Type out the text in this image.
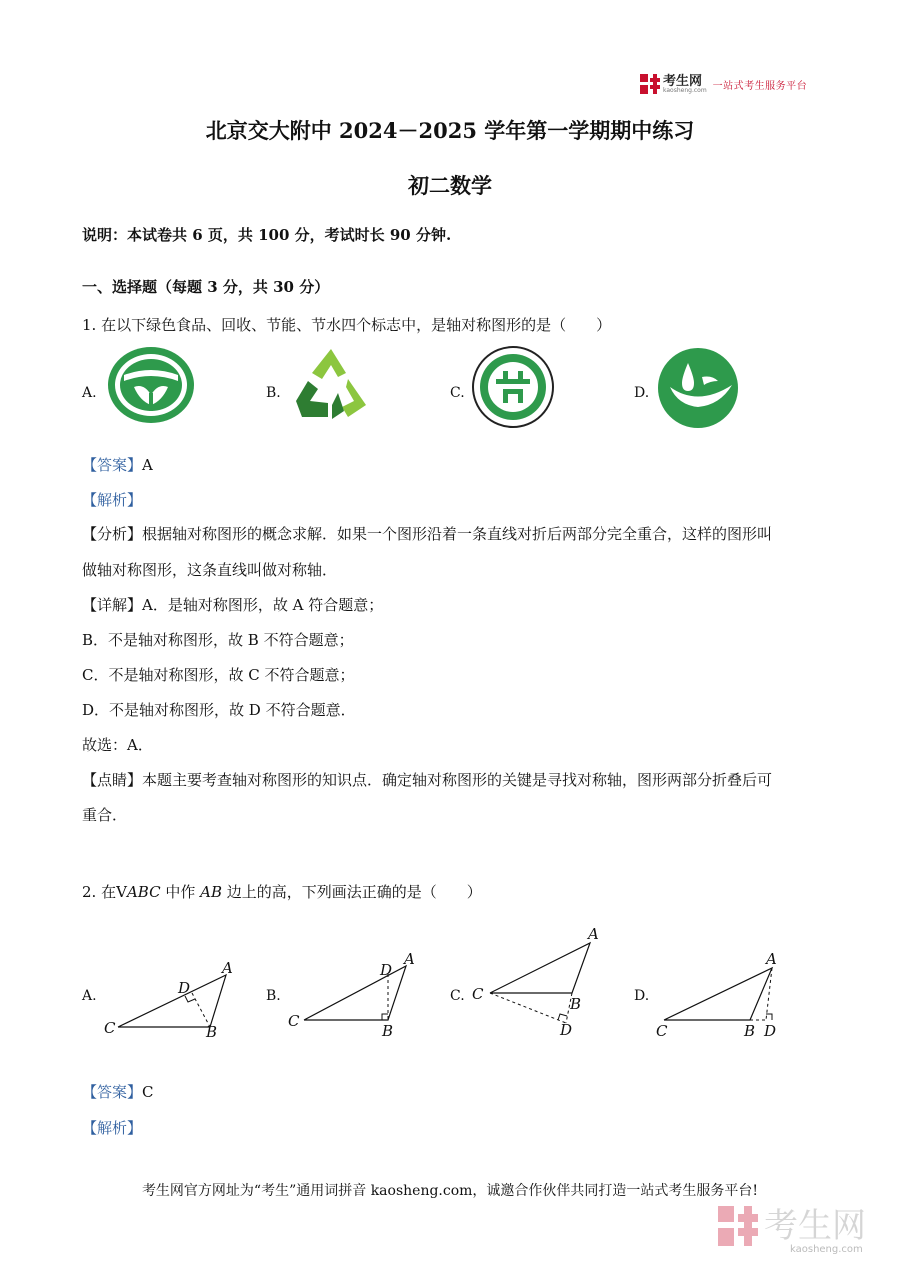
考生网
kaosheng.com 一站式考生服务平台
北京交大附中 2024－2025 学年第一学期期中练习
初二数学
说明：本试卷共 6 页，共 100 分，考试时长 90 分钟.
一、选择题（每题 3 分，共 30 分）
1. 在以下绿色食品、回收、节能、节水四个标志中，是轴对称图形的是（　　）
A.	B.	C.	D.
【答案】A
【解析】
【分析】根据轴对称图形的概念求解．如果一个图形沿着一条直线对折后两部分完全重合，这样的图形叫
做轴对称图形，这条直线叫做对称轴．
【详解】A．是轴对称图形，故 A 符合题意；
B．不是轴对称图形，故 B 不符合题意；
C．不是轴对称图形，故 C 不符合题意；
D．不是轴对称图形，故 D 不符合题意．
故选：A．
【点睛】本题主要考查轴对称图形的知识点．确定轴对称图形的关键是寻找对称轴，图形两部分折叠后可
重合．
2. 在VABC 中作 AB 边上的高，下列画法正确的是（　　）
A.
A
B
C
D	B.
A
B
C
D
C.
A
B
C
D
D.
A
B
C	D
【答案】C
【解析】
考生网官方网址为“考生”通用词拼音 kaosheng.com，诚邀合作伙伴共同打造一站式考生服务平台!
考生网
kaosheng.com
